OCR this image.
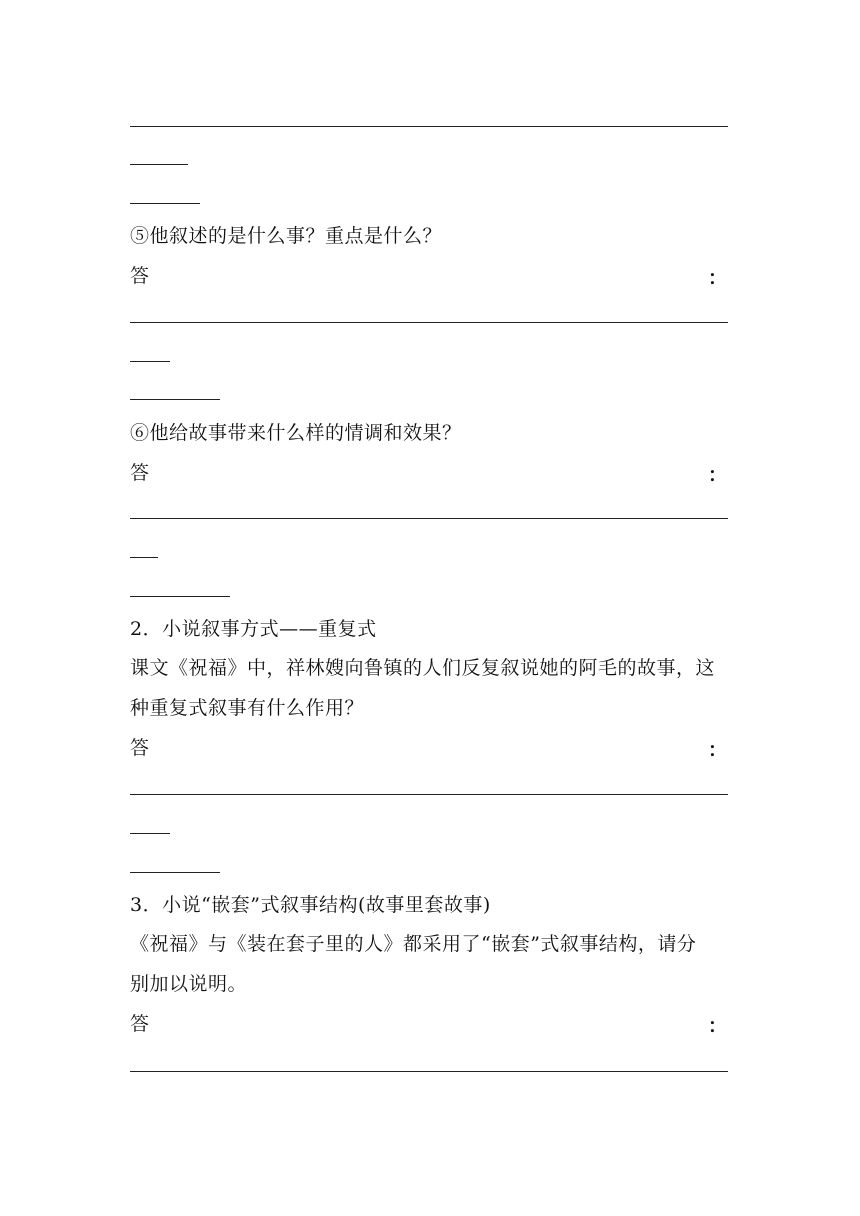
⑤他叙述的是什么事？重点是什么？
答	：
⑥他给故事带来什么样的情调和效果？
答	：
2．小说叙事方式——重复式
课文《祝福》中，祥林嫂向鲁镇的人们反复叙说她的阿毛的故事，这
种重复式叙事有什么作用？
答	：
3．小说“嵌套”式叙事结构(故事里套故事)
《祝福》与《装在套子里的人》都采用了“嵌套”式叙事结构，请分
别加以说明。
答	：
